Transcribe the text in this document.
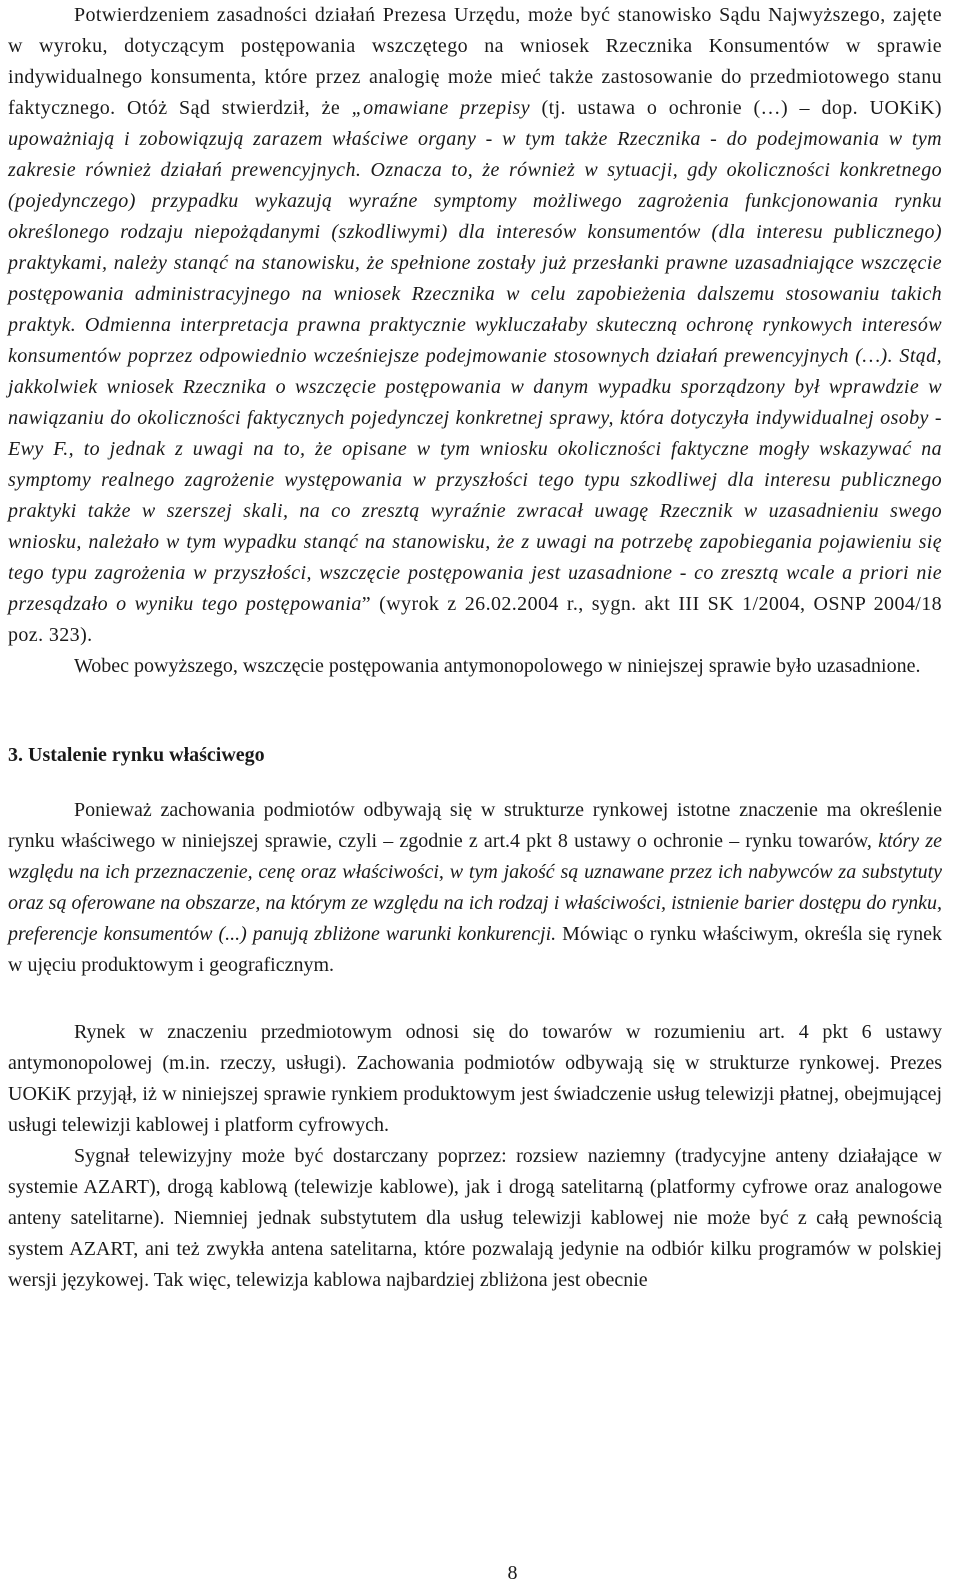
Potwierdzeniem zasadności działań Prezesa Urzędu, może być stanowisko Sądu Najwyższego, zajęte w wyroku, dotyczącym postępowania wszczętego na wniosek Rzecznika Konsumentów w sprawie indywidualnego konsumenta, które przez analogię może mieć także zastosowanie do przedmiotowego stanu faktycznego. Otóż Sąd stwierdził, że „omawiane przepisy (tj. ustawa o ochronie (…) – dop. UOKiK) upoważniają i zobowiązują zarazem właściwe organy - w tym także Rzecznika - do podejmowania w tym zakresie również działań prewencyjnych. Oznacza to, że również w sytuacji, gdy okoliczności konkretnego (pojedynczego) przypadku wykazują wyraźne symptomy możliwego zagrożenia funkcjonowania rynku określonego rodzaju niepożądanymi (szkodliwymi) dla interesów konsumentów (dla interesu publicznego) praktykami, należy stanąć na stanowisku, że spełnione zostały już przesłanki prawne uzasadniające wszczęcie postępowania administracyjnego na wniosek Rzecznika w celu zapobieżenia dalszemu stosowaniu takich praktyk. Odmienna interpretacja prawna praktycznie wykluczałaby skuteczną ochronę rynkowych interesów konsumentów poprzez odpowiednio wcześniejsze podejmowanie stosownych działań prewencyjnych (…). Stąd, jakkolwiek wniosek Rzecznika o wszczęcie postępowania w danym wypadku sporządzony był wprawdzie w nawiązaniu do okoliczności faktycznych pojedynczej konkretnej sprawy, która dotyczyła indywidualnej osoby - Ewy F., to jednak z uwagi na to, że opisane w tym wniosku okoliczności faktyczne mogły wskazywać na symptomy realnego zagrożenie występowania w przyszłości tego typu szkodliwej dla interesu publicznego praktyki także w szerszej skali, na co zresztą wyraźnie zwracał uwagę Rzecznik w uzasadnieniu swego wniosku, należało w tym wypadku stanąć na stanowisku, że z uwagi na potrzebę zapobiegania pojawieniu się tego typu zagrożenia w przyszłości, wszczęcie postępowania jest uzasadnione - co zresztą wcale a priori nie przesądzało o wyniku tego postępowania” (wyrok z 26.02.2004 r., sygn. akt III SK 1/2004, OSNP 2004/18 poz. 323).

Wobec powyższego, wszczęcie postępowania antymonopolowego w niniejszej sprawie było uzasadnione.

3. Ustalenie rynku właściwego

Ponieważ zachowania podmiotów odbywają się w strukturze rynkowej istotne znaczenie ma określenie rynku właściwego w niniejszej sprawie, czyli – zgodnie z art.4 pkt 8 ustawy o ochronie – rynku towarów, który ze względu na ich przeznaczenie, cenę oraz właściwości, w tym jakość są uznawane przez ich nabywców za substytuty oraz są oferowane na obszarze, na którym ze względu na ich rodzaj i właściwości, istnienie barier dostępu do rynku, preferencje konsumentów (...) panują zbliżone warunki konkurencji. Mówiąc o rynku właściwym, określa się rynek w ujęciu produktowym i geograficznym.

Rynek w znaczeniu przedmiotowym odnosi się do towarów w rozumieniu art. 4 pkt 6 ustawy antymonopolowej (m.in. rzeczy, usługi). Zachowania podmiotów odbywają się w strukturze rynkowej. Prezes UOKiK przyjął, iż w niniejszej sprawie rynkiem produktowym jest świadczenie usług telewizji płatnej, obejmującej usługi telewizji kablowej i platform cyfrowych.

Sygnał telewizyjny może być dostarczany poprzez: rozsiew naziemny (tradycyjne anteny działające w systemie AZART), drogą kablową (telewizje kablowe), jak i drogą satelitarną (platformy cyfrowe oraz analogowe anteny satelitarne). Niemniej jednak substytutem dla usług telewizji kablowej nie może być z całą pewnością system AZART, ani też zwykła antena satelitarna, które pozwalają jedynie na odbiór kilku programów w polskiej wersji językowej. Tak więc, telewizja kablowa najbardziej zbliżona jest obecnie

8
